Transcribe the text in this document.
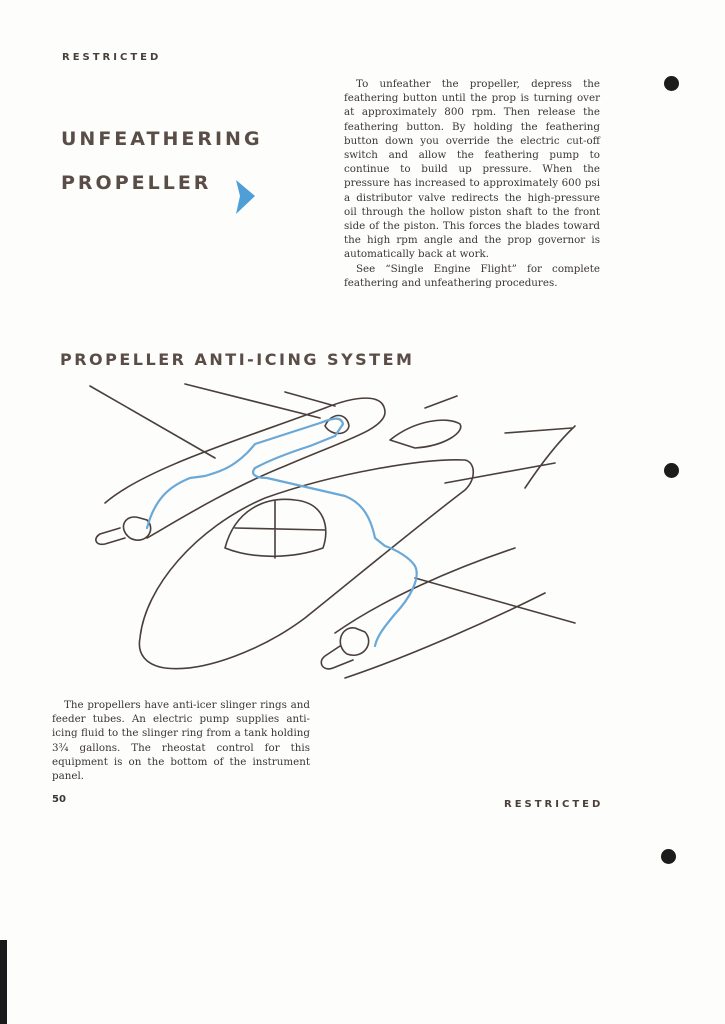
RESTRICTED
UNFEATHERING
PROPELLER
To unfeather the propeller, depress the feathering button until the prop is turning over at approximately 800 rpm. Then release the feathering button. By holding the feathering button down you override the electric cut-off switch and allow the feathering pump to continue to build up pressure. When the pressure has increased to approximately 600 psi a distributor valve redirects the high-pressure oil through the hollow piston shaft to the front side of the piston. This forces the blades toward the high rpm angle and the prop governor is automatically back at work.
See “Single Engine Flight” for complete feathering and unfeathering procedures.
PROPELLER ANTI-ICING SYSTEM
The propellers have anti-icer slinger rings and feeder tubes. An electric pump supplies anti-icing fluid to the slinger ring from a tank holding 3¾ gallons. The rheostat control for this equipment is on the bottom of the instrument panel.
50	RESTRICTED
